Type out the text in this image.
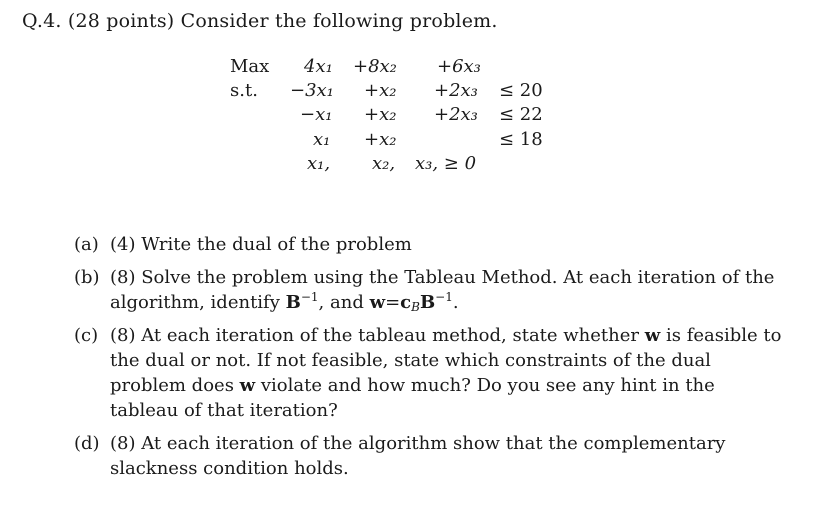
Q.4. (28 points) Consider the following problem.
Max 4x₁ +8x₂ +6x₃
s.t. −3x₁ +x₂ +2x₃ ≤ 20
−x₁ +x₂ +2x₃ ≤ 22
x₁ +x₂	≤ 18
x₁, x₂, x₃, ≥ 0
(a) (4) Write the dual of the problem
(b) (8) Solve the problem using the Tableau Method. At each iteration of the algorithm, identify $B^{-1}$, and $w=c_BB^{-1}$.
(c) (8) At each iteration of the tableau method, state whether w is feasible to the dual or not. If not feasible, state which constraints of the dual problem does w violate and how much? Do you see any hint in the tableau of that iteration?
(d) (8) At each iteration of the algorithm show that the complementary slackness condition holds.
